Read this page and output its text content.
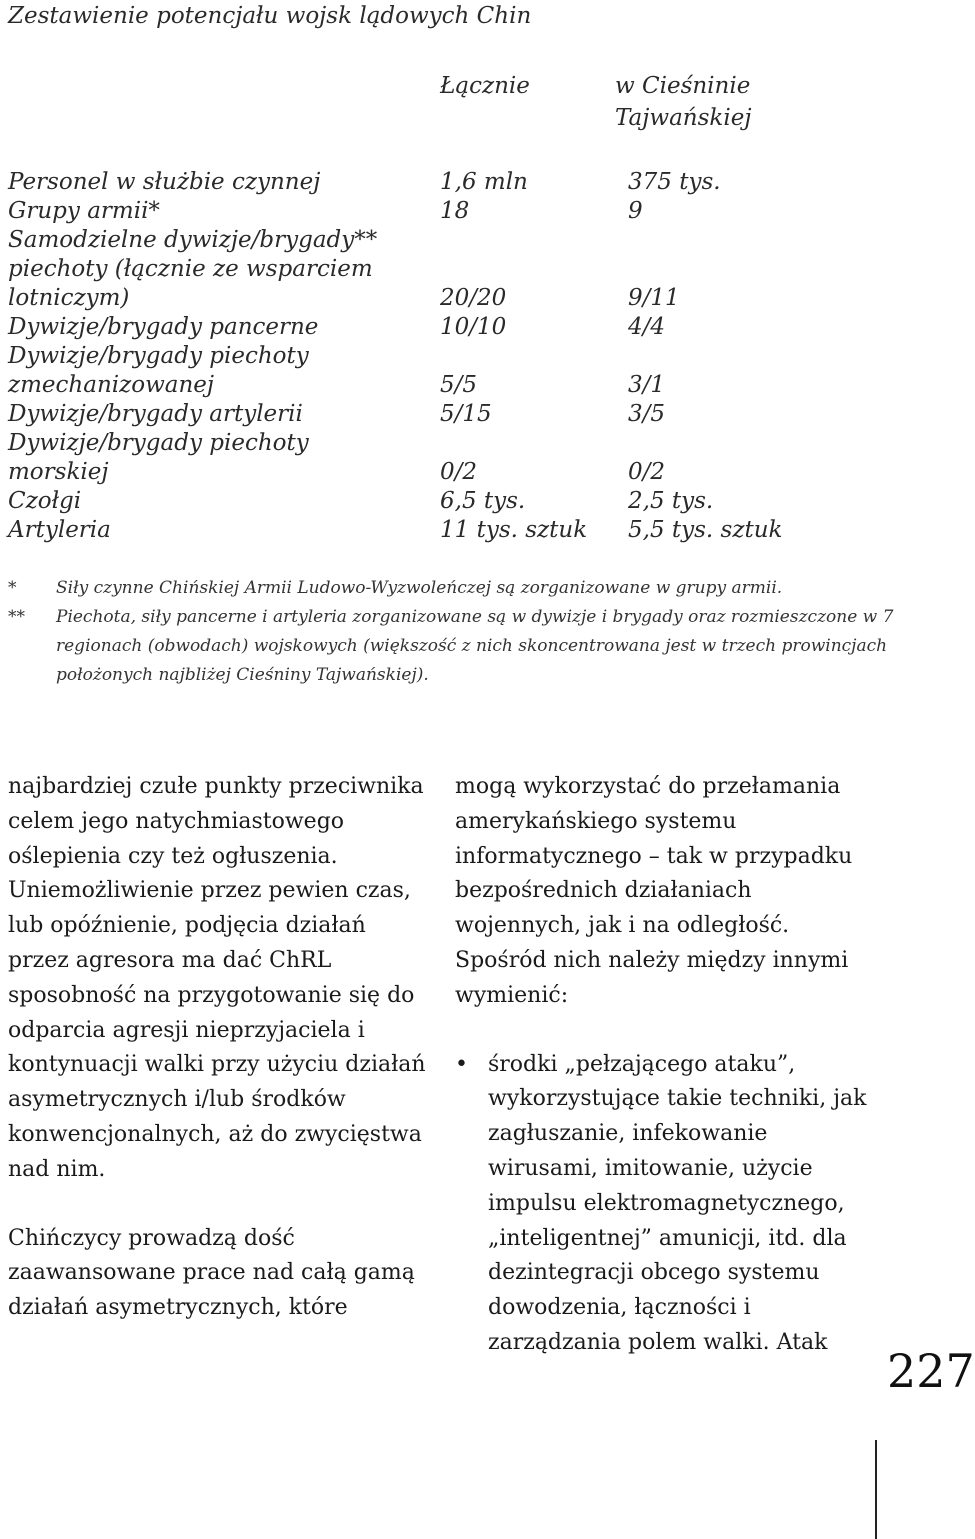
Zestawienie potencjału wojsk lądowych Chin
Łącznie	w Cieśninie
Tajwańskiej
Personel w służbie czynnej	1,6 mln	375 tys.
Grupy armii*	18	9
Samodzielne dywizje/brygady**
piechoty (łącznie ze wsparciem
lotniczym)	20/20	9/11
Dywizje/brygady pancerne	10/10	4/4
Dywizje/brygady piechoty
zmechanizowanej	5/5	3/1
Dywizje/brygady artylerii	5/15	3/5
Dywizje/brygady piechoty
morskiej	0/2	0/2
Czołgi	6,5 tys.	2,5 tys.
Artyleria	11 tys. sztuk 5,5 tys. sztuk
* Siły czynne Chińskiej Armii Ludowo-Wyzwoleńczej są zorganizowane w grupy armii.
** Piechota, siły pancerne i artyleria zorganizowane są w dywizje i brygady oraz rozmieszczone w 7 regionach (obwodach) wojskowych (większość z nich skoncentrowana jest w trzech prowincjach położonych najbliżej Cieśniny Tajwańskiej).

najbardziej czułe punkty przeciwnika celem jego natychmiastowego oślepienia czy też ogłuszenia. Uniemożliwienie przez pewien czas, lub opóźnienie, podjęcia działań przez agresora ma dać ChRL sposobność na przygotowanie się do odparcia agresji nieprzyjaciela i kontynuacji walki przy użyciu działań asymetrycznych i/lub środków konwencjonalnych, aż do zwycięstwa nad nim.

Chińczycy prowadzą dość zaawansowane prace nad całą gamą działań asymetrycznych, które

mogą wykorzystać do przełamania amerykańskiego systemu informatycznego – tak w przypadku bezpośrednich działaniach wojennych, jak i na odległość. Spośród nich należy między innymi wymienić:

• środki „pełzającego ataku”, wykorzystujące takie techniki, jak zagłuszanie, infekowanie wirusami, imitowanie, użycie impulsu elektromagnetycznego, „inteligentnej” amunicji, itd. dla dezintegracji obcego systemu dowodzenia, łączności i zarządzania polem walki. Atak

227
